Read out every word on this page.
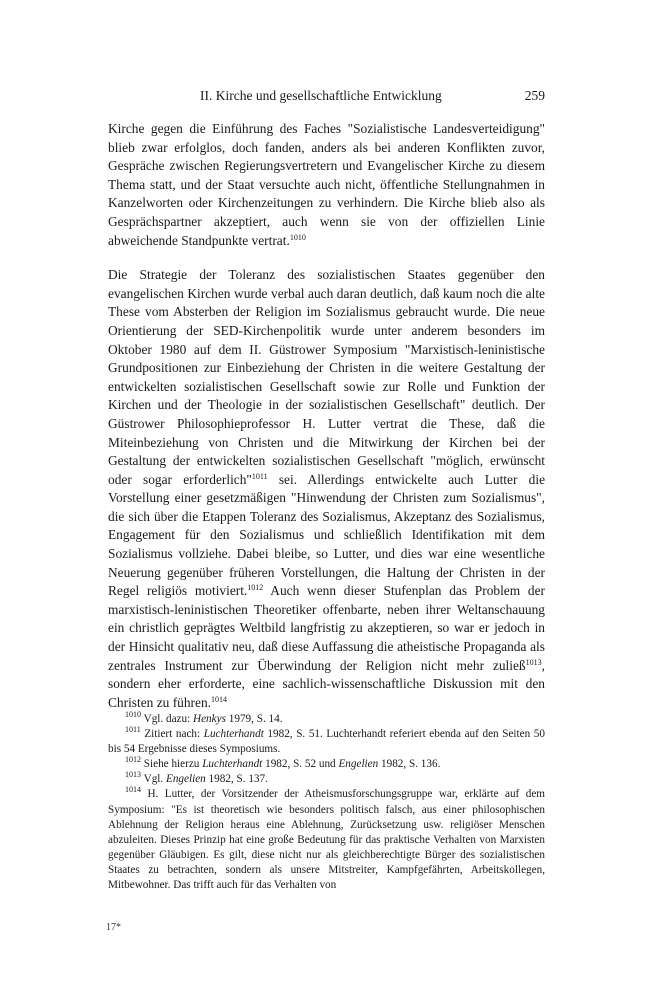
II. Kirche und gesellschaftliche Entwicklung	259

Kirche gegen die Einführung des Faches "Sozialistische Landesverteidigung" blieb zwar erfolglos, doch fanden, anders als bei anderen Konflikten zuvor, Gespräche zwischen Regierungsvertretern und Evangelischer Kirche zu diesem Thema statt, und der Staat versuchte auch nicht, öffentliche Stellungnahmen in Kanzelworten oder Kirchenzeitungen zu verhindern. Die Kirche blieb also als Gesprächspartner akzeptiert, auch wenn sie von der offiziellen Linie abweichende Standpunkte vertrat.$^{1010}$

Die Strategie der Toleranz des sozialistischen Staates gegenüber den evangelischen Kirchen wurde verbal auch daran deutlich, daß kaum noch die alte These vom Absterben der Religion im Sozialismus gebraucht wurde. Die neue Orientierung der SED-Kirchenpolitik wurde unter anderem besonders im Oktober 1980 auf dem II. Güstrower Symposium "Marxistisch-leninistische Grundpositionen zur Einbeziehung der Christen in die weitere Gestaltung der entwickelten sozialistischen Gesellschaft sowie zur Rolle und Funktion der Kirchen und der Theologie in der sozialistischen Gesellschaft" deutlich. Der Güstrower Philosophieprofessor H. Lutter vertrat die These, daß die Miteinbeziehung von Christen und die Mitwirkung der Kirchen bei der Gestaltung der entwickelten sozialistischen Gesellschaft "möglich, erwünscht oder sogar erforderlich"$^{1011}$ sei. Allerdings entwickelte auch Lutter die Vorstellung einer gesetzmäßigen "Hinwendung der Christen zum Sozialismus", die sich über die Etappen Toleranz des Sozialismus, Akzeptanz des Sozialismus, Engagement für den Sozialismus und schließlich Identifikation mit dem Sozialismus vollziehe. Dabei bleibe, so Lutter, und dies war eine wesentliche Neuerung gegenüber früheren Vorstellungen, die Haltung der Christen in der Regel religiös motiviert.$^{1012}$ Auch wenn dieser Stufenplan das Problem der marxistisch-leninistischen Theoretiker offenbarte, neben ihrer Weltanschauung ein christlich geprägtes Weltbild langfristig zu akzeptieren, so war er jedoch in der Hinsicht qualitativ neu, daß diese Auffassung die atheistische Propaganda als zentrales Instrument zur Überwindung der Religion nicht mehr zuließ$^{1013}$, sondern eher erforderte, eine sachlich-wissenschaftliche Diskussion mit den Christen zu führen.$^{1014}$

$^{1010}$ Vgl. dazu: Henkys 1979, S. 14.
$^{1011}$ Zitiert nach: Luchterhandt 1982, S. 51. Luchterhandt referiert ebenda auf den Seiten 50 bis 54 Ergebnisse dieses Symposiums.
$^{1012}$ Siehe hierzu Luchterhandt 1982, S. 52 und Engelien 1982, S. 136.
$^{1013}$ Vgl. Engelien 1982, S. 137.
$^{1014}$ H. Lutter, der Vorsitzender der Atheismusforschungsgruppe war, erklärte auf dem Symposium: "Es ist theoretisch wie besonders politisch falsch, aus einer philosophischen Ablehnung der Religion heraus eine Ablehnung, Zurücksetzung usw. religiöser Menschen abzuleiten. Dieses Prinzip hat eine große Bedeutung für das praktische Verhalten von Marxisten gegenüber Gläubigen. Es gilt, diese nicht nur als gleichberechtigte Bürger des sozialistischen Staates zu betrachten, sondern als unsere Mitstreiter, Kampfgefährten, Arbeitskollegen, Mitbewohner. Das trifft auch für das Verhalten von
17*
